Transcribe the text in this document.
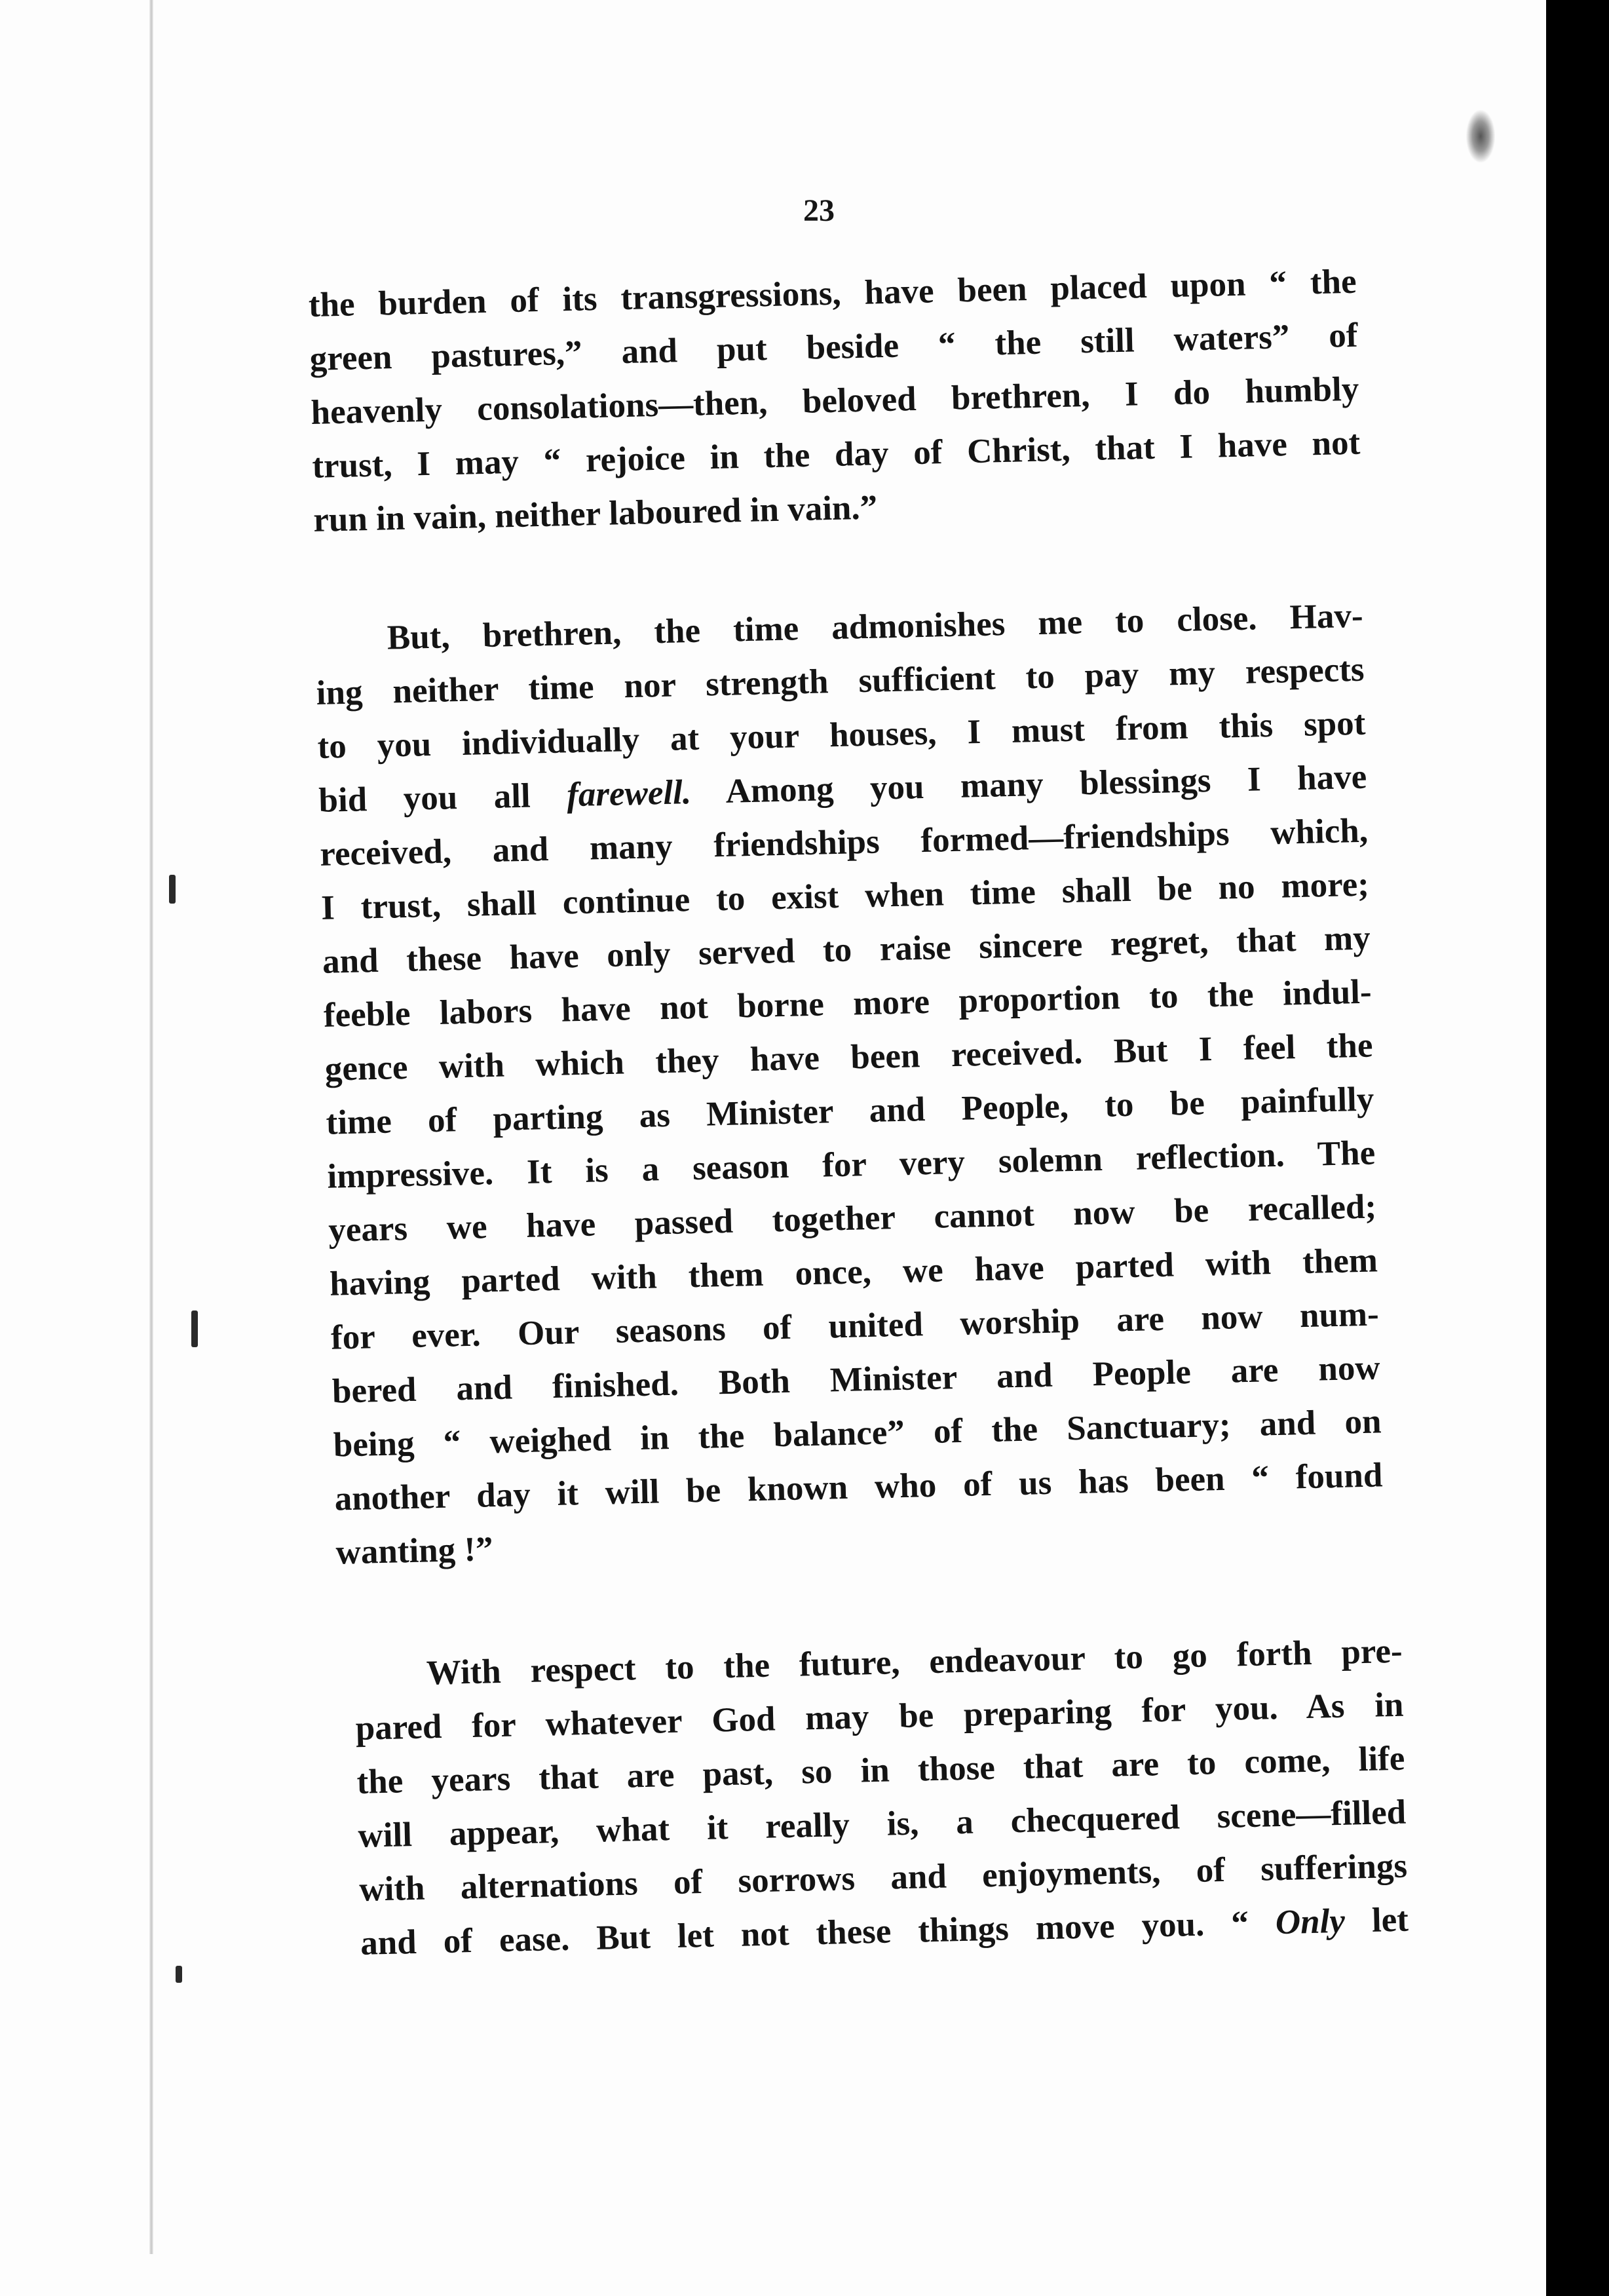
23
the burden of its transgressions, have been placed upon “ the
green pastures,” and put beside “ the still waters” of
heavenly consolations—then, beloved brethren, I do humbly
trust, I may “ rejoice in the day of Christ, that I have not
run in vain, neither laboured in vain.”
But, brethren, the time admonishes me to close. Hav-
ing neither time nor strength sufficient to pay my respects
to you individually at your houses, I must from this spot
bid you all farewell. Among you many blessings I have
received, and many friendships formed—friendships which,
I trust, shall continue to exist when time shall be no more;
and these have only served to raise sincere regret, that my
feeble labors have not borne more proportion to the indul-
gence with which they have been received. But I feel the
time of parting as Minister and People, to be painfully
impressive. It is a season for very solemn reflection. The
years we have passed together cannot now be recalled;
having parted with them once, we have parted with them
for ever. Our seasons of united worship are now num-
bered and finished. Both Minister and People are now
being “ weighed in the balance” of the Sanctuary; and on
another day it will be known who of us has been “ found
wanting !”
With respect to the future, endeavour to go forth pre-
pared for whatever God may be preparing for you. As in
the years that are past, so in those that are to come, life
will appear, what it really is, a checquered scene—filled
with alternations of sorrows and enjoyments, of sufferings
and of ease. But let not these things move you. “ Only let
